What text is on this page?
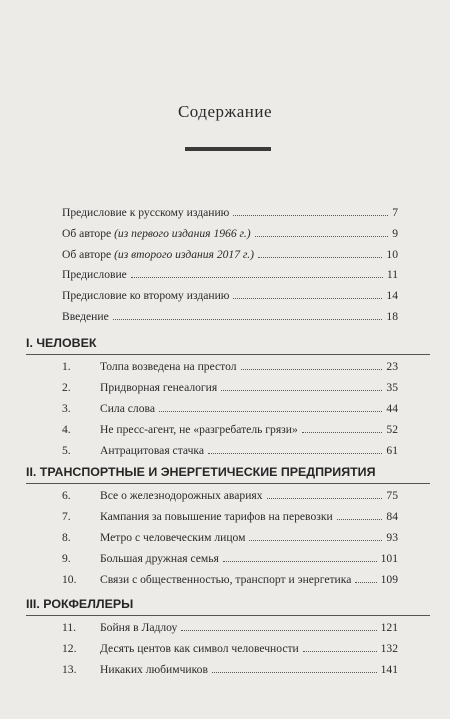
Содержание
Предисловие к русскому изданию	7
Об авторе (из первого издания 1966 г.)	9
Об авторе (из второго издания 2017 г.)	10
Предисловие	11
Предисловие ко второму изданию	14
Введение	18
I. ЧЕЛОВЕК
1.	Толпа возведена на престол	23
2.	Придворная генеалогия	35
3.	Сила слова	44
4.	Не пресс-агент, не «разгребатель грязи»	52
5.	Антрацитовая стачка	61
II. ТРАНСПОРТНЫЕ И ЭНЕРГЕТИЧЕСКИЕ ПРЕДПРИЯТИЯ
6.	Все о железнодорожных авариях	75
7.	Кампания за повышение тарифов на перевозки	84
8.	Метро с человеческим лицом	93
9.	Большая дружная семья	101
10.	Связи с общественностью, транспорт и энергетика	109
III. РОКФЕЛЛЕРЫ
11.	Бойня в Ладлоу	121
12.	Десять центов как символ человечности	132
13.	Никаких любимчиков	141
